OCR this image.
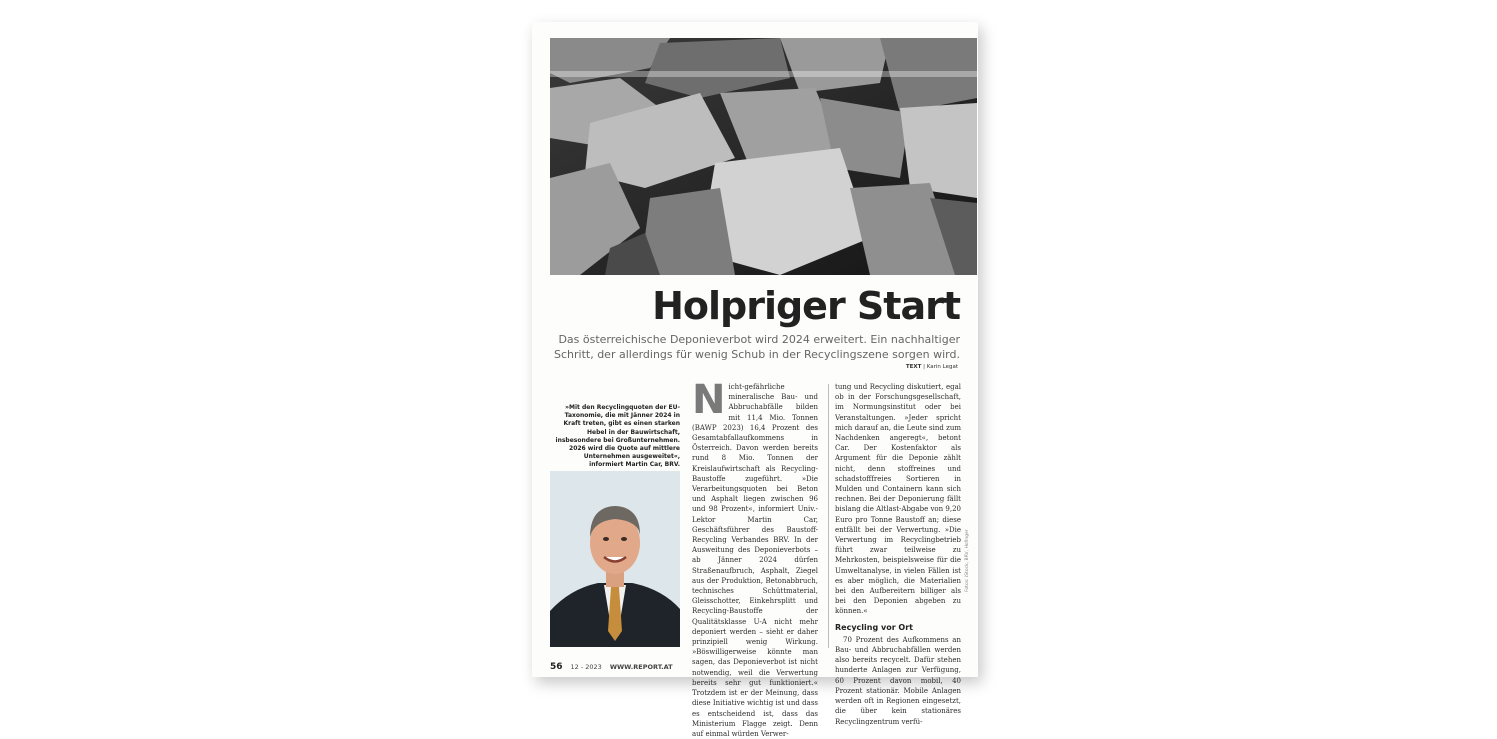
Holpriger Start
Das österreichische Deponieverbot wird 2024 erweitert. Ein nachhaltiger Schritt, der allerdings für wenig Schub in der Recyclingszene sorgen wird.
TEXT | Karin Legat
»Mit den Recyclingquoten der EU-Taxonomie, die mit Jänner 2024 in Kraft treten, gibt es einen starken Hebel in der Bauwirtschaft, insbesondere bei Großunternehmen. 2026 wird die Quote auf mittlere Unternehmen ausgeweitet«, informiert Martin Car, BRV.
Nicht-gefährliche mineralische Bau- und Abbruchabfälle bilden mit 11,4 Mio. Tonnen (BAWP 2023) 16,4 Prozent des Gesamtabfallaufkommens in Österreich. Davon werden bereits rund 8 Mio. Tonnen der Kreislaufwirtschaft als Recycling-Baustoffe zugeführt. »Die Verarbeitungsquoten bei Beton und Asphalt liegen zwischen 96 und 98 Prozent«, informiert Univ.-Lektor Martin Car, Geschäftsführer des Baustoff-Recycling Verbandes BRV. In der Ausweitung des Deponieverbots – ab Jänner 2024 dürfen Straßenaufbruch, Asphalt, Ziegel aus der Produktion, Betonabbruch, technisches Schüttmaterial, Gleisschotter, Einkehrsplitt und Recycling-Baustoffe der Qualitätsklasse U-A nicht mehr deponiert werden – sieht er daher prinzipiell wenig Wirkung. »Böswilligerweise könnte man sagen, das Deponieverbot ist nicht notwendig, weil die Verwertung bereits sehr gut funktioniert.« Trotzdem ist er der Meinung, dass diese Initiative wichtig ist und dass es entscheidend ist, dass das Ministerium Flagge zeigt. Denn auf einmal würden Verwer-
tung und Recycling diskutiert, egal ob in der Forschungsgesellschaft, im Normungsinstitut oder bei Veranstaltungen. »Jeder spricht mich darauf an, die Leute sind zum Nachdenken angeregt«, betont Car. Der Kostenfaktor als Argument für die Deponie zählt nicht, denn stoffreines und schadstofffreies Sortieren in Mulden und Containern kann sich rechnen. Bei der Deponierung fällt bislang die Altlast-Abgabe von 9,20 Euro pro Tonne Baustoff an; diese entfällt bei der Verwertung. »Die Verwertung im Recyclingbetrieb führt zwar teilweise zu Mehrkosten, beispielsweise für die Umweltanalyse, in vielen Fällen ist es aber möglich, die Materialien bei den Aufbereitern billiger als bei den Deponien abgeben zu können.«
Recycling vor Ort
70 Prozent des Aufkommens an Bau- und Abbruchabfällen werden also bereits recycelt. Dafür stehen hunderte Anlagen zur Verfügung, 60 Prozent davon mobil, 40 Prozent stationär. Mobile Anlagen werden oft in Regionen eingesetzt, die über kein stationäres Recyclingzentrum verfü-
Fotos: iStock, BRV, Hofinger
56 12 - 2023 WWW.REPORT.AT
